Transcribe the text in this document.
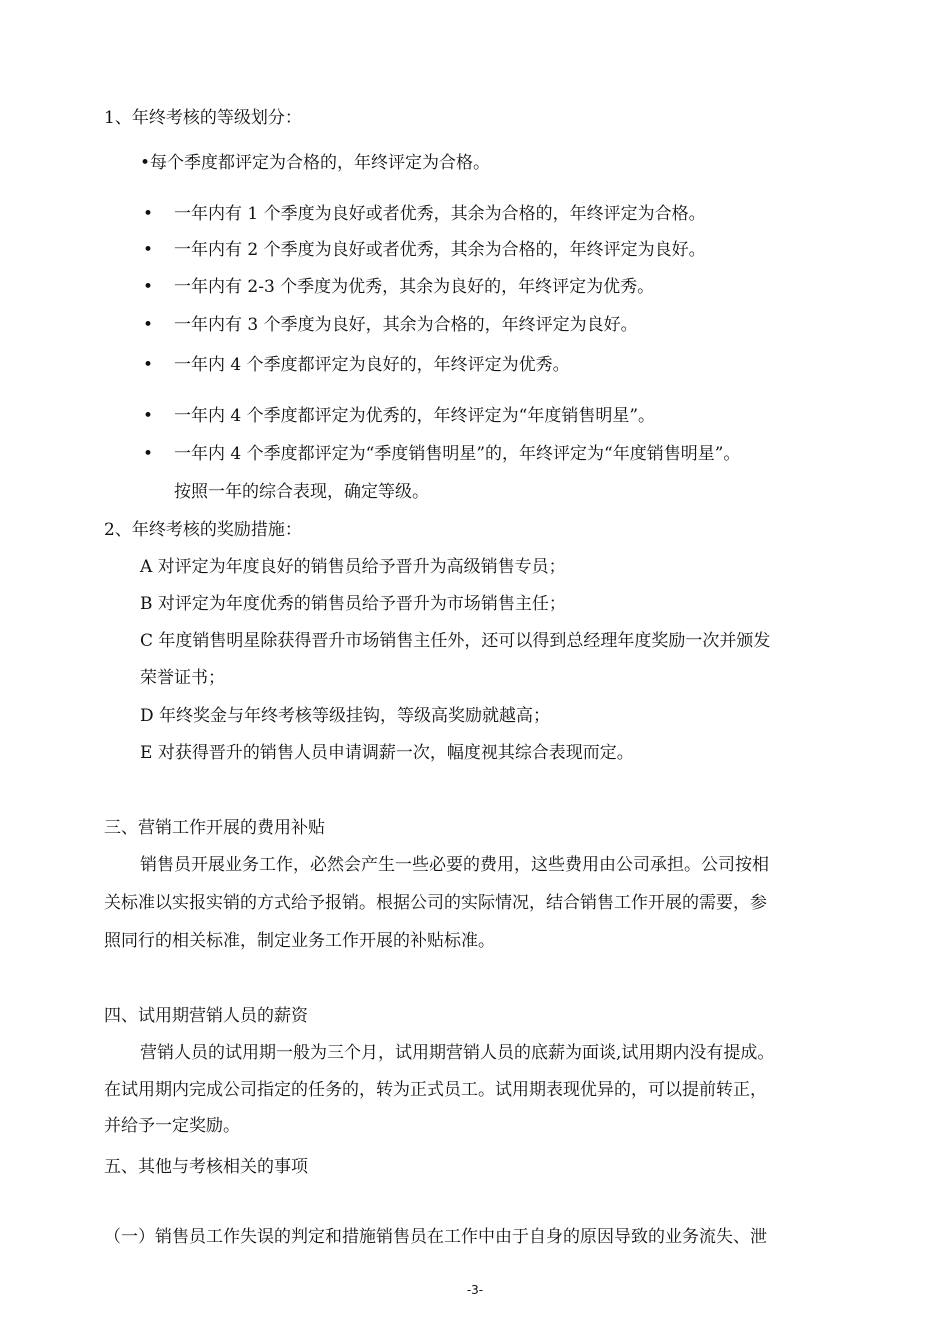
1、年终考核的等级划分：

•每个季度都评定为合格的，年终评定为合格。

• 一年内有 1 个季度为良好或者优秀，其余为合格的，年终评定为合格。

• 一年内有 2 个季度为良好或者优秀，其余为合格的，年终评定为良好。

• 一年内有 2-3 个季度为优秀，其余为良好的，年终评定为优秀。

• 一年内有 3 个季度为良好，其余为合格的，年终评定为良好。

• 一年内 4 个季度都评定为良好的，年终评定为优秀。

• 一年内 4 个季度都评定为优秀的，年终评定为“年度销售明星”。

• 一年内 4 个季度都评定为“季度销售明星”的，年终评定为“年度销售明星”。

按照一年的综合表现，确定等级。

2、年终考核的奖励措施：

A 对评定为年度良好的销售员给予晋升为高级销售专员；

B 对评定为年度优秀的销售员给予晋升为市场销售主任；

C 年度销售明星除获得晋升市场销售主任外，还可以得到总经理年度奖励一次并颁发

荣誉证书；

D 年终奖金与年终考核等级挂钩，等级高奖励就越高；

E 对获得晋升的销售人员申请调薪一次，幅度视其综合表现而定。

三、营销工作开展的费用补贴

销售员开展业务工作，必然会产生一些必要的费用，这些费用由公司承担。公司按相

关标准以实报实销的方式给予报销。根据公司的实际情况，结合销售工作开展的需要，参

照同行的相关标准，制定业务工作开展的补贴标准。

四、试用期营销人员的薪资

营销人员的试用期一般为三个月，试用期营销人员的底薪为面谈,试用期内没有提成。

在试用期内完成公司指定的任务的，转为正式员工。试用期表现优异的，可以提前转正，

并给予一定奖励。

五、其他与考核相关的事项

（一）销售员工作失误的判定和措施销售员在工作中由于自身的原因导致的业务流失、泄

-3-
